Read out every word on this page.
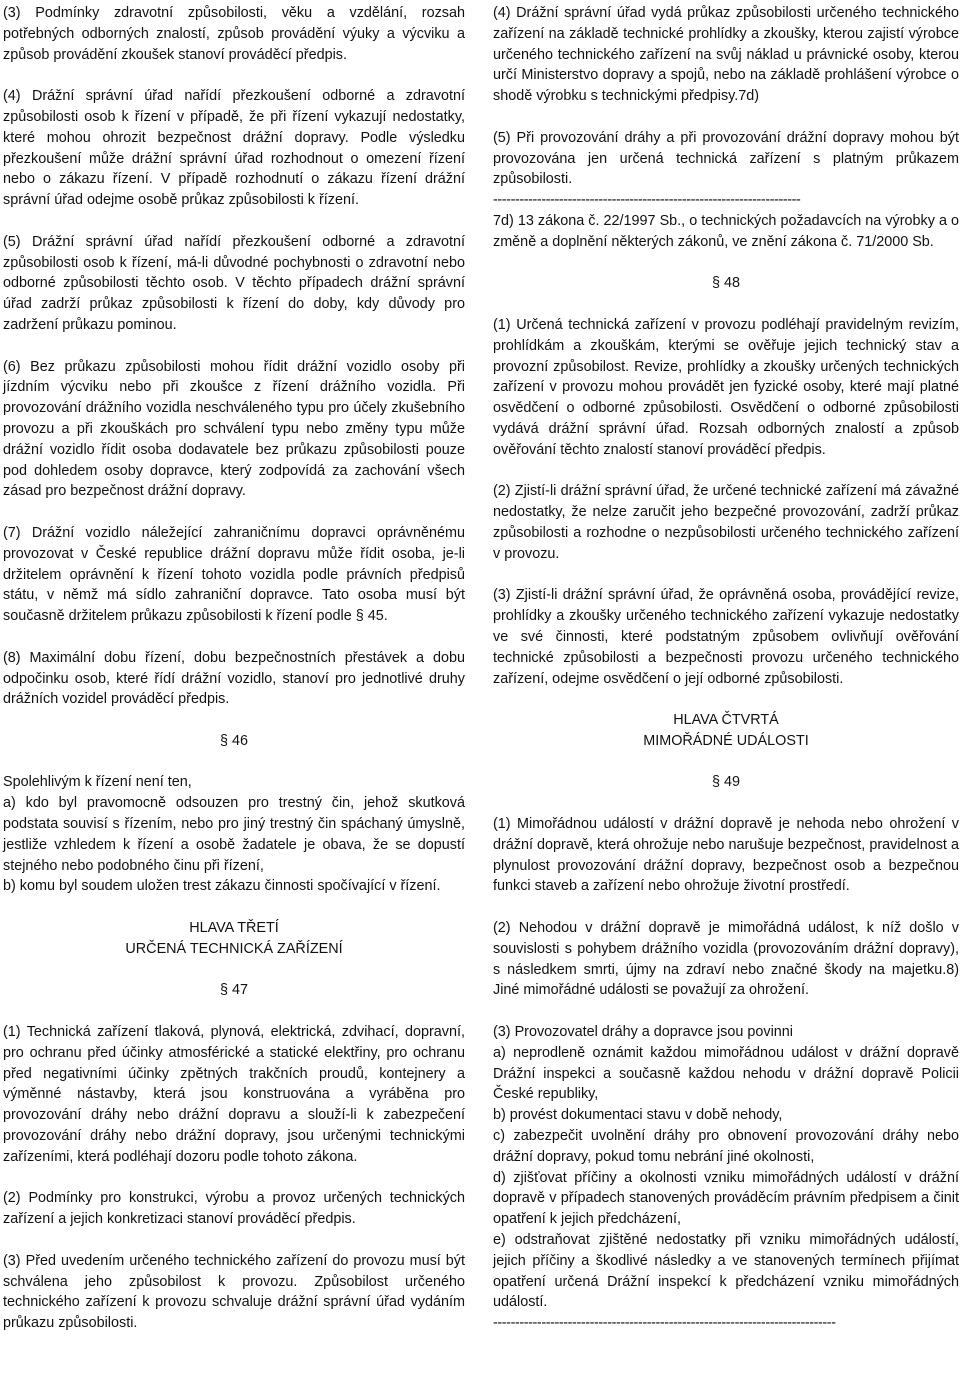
(3) Podmínky zdravotní způsobilosti, věku a vzdělání, rozsah potřebných odborných znalostí, způsob provádění výuky a výcviku a způsob provádění zkoušek stanoví prováděcí předpis.

(4) Drážní správní úřad nařídí přezkoušení odborné a zdravotní způsobilosti osob k řízení v případě, že při řízení vykazují nedostatky, které mohou ohrozit bezpečnost drážní dopravy. Podle výsledku přezkoušení může drážní správní úřad rozhodnout o omezení řízení nebo o zákazu řízení. V případě rozhodnutí o zákazu řízení drážní správní úřad odejme osobě průkaz způsobilosti k řízení.

(5) Drážní správní úřad nařídí přezkoušení odborné a zdravotní způsobilosti osob k řízení, má-li důvodné pochybnosti o zdravotní nebo odborné způsobilosti těchto osob. V těchto případech drážní správní úřad zadrží průkaz způsobilosti k řízení do doby, kdy důvody pro zadržení průkazu pominou.

(6) Bez průkazu způsobilosti mohou řídit drážní vozidlo osoby při jízdním výcviku nebo při zkoušce z řízení drážního vozidla. Při provozování drážního vozidla neschváleného typu pro účely zkušebního provozu a při zkouškách pro schválení typu nebo změny typu může drážní vozidlo řídit osoba dodavatele bez průkazu způsobilosti pouze pod dohledem osoby dopravce, který zodpovídá za zachování všech zásad pro bezpečnost drážní dopravy.

(7) Drážní vozidlo náležející zahraničnímu dopravci oprávněnému provozovat v České republice drážní dopravu může řídit osoba, je-li držitelem oprávnění k řízení tohoto vozidla podle právních předpisů státu, v němž má sídlo zahraniční dopravce. Tato osoba musí být současně držitelem průkazu způsobilosti k řízení podle § 45.

(8) Maximální dobu řízení, dobu bezpečnostních přestávek a dobu odpočinku osob, které řídí drážní vozidlo, stanoví pro jednotlivé druhy drážních vozidel prováděcí předpis.

§ 46

Spolehlivým k řízení není ten,

a) kdo byl pravomocně odsouzen pro trestný čin, jehož skutková podstata souvisí s řízením, nebo pro jiný trestný čin spáchaný úmyslně, jestliže vzhledem k řízení a osobě žadatele je obava, že se dopustí stejného nebo podobného činu při řízení,

b) komu byl soudem uložen trest zákazu činnosti spočívající v řízení.

HLAVA TŘETÍ
URČENÁ TECHNICKÁ ZAŘÍZENÍ
§ 47

(1) Technická zařízení tlaková, plynová, elektrická, zdvihací, dopravní, pro ochranu před účinky atmosférické a statické elektřiny, pro ochranu před negativními účinky zpětných trakčních proudů, kontejnery a výměnné nástavby, která jsou konstruována a vyráběna pro provozování dráhy nebo drážní dopravu a slouží-li k zabezpečení provozování dráhy nebo drážní dopravy, jsou určenými technickými zařízeními, která podléhají dozoru podle tohoto zákona.

(2) Podmínky pro konstrukci, výrobu a provoz určených technických zařízení a jejich konkretizaci stanoví prováděcí předpis.

(3) Před uvedením určeného technického zařízení do provozu musí být schválena jeho způsobilost k provozu. Způsobilost určeného technického zařízení k provozu schvaluje drážní správní úřad vydáním průkazu způsobilosti.

(4) Drážní správní úřad vydá průkaz způsobilosti určeného technického zařízení na základě technické prohlídky a zkoušky, kterou zajistí výrobce určeného technického zařízení na svůj náklad u právnické osoby, kterou určí Ministerstvo dopravy a spojů, nebo na základě prohlášení výrobce o shodě výrobku s technickými předpisy.7d)

(5) Při provozování dráhy a při provozování drážní dopravy mohou být provozována jen určená technická zařízení s platným průkazem způsobilosti.

----------------------------------------------------------------------

7d) 13 zákona č. 22/1997 Sb., o technických požadavcích na výrobky a o změně a doplnění některých zákonů, ve znění zákona č. 71/2000 Sb.

§ 48

(1) Určená technická zařízení v provozu podléhají pravidelným revizím, prohlídkám a zkouškám, kterými se ověřuje jejich technický stav a provozní způsobilost. Revize, prohlídky a zkoušky určených technických zařízení v provozu mohou provádět jen fyzické osoby, které mají platné osvědčení o odborné způsobilosti. Osvědčení o odborné způsobilosti vydává drážní správní úřad. Rozsah odborných znalostí a způsob ověřování těchto znalostí stanoví prováděcí předpis.

(2) Zjistí-li drážní správní úřad, že určené technické zařízení má závažné nedostatky, že nelze zaručit jeho bezpečné provozování, zadrží průkaz způsobilosti a rozhodne o nezpůsobilosti určeného technického zařízení v provozu.

(3) Zjistí-li drážní správní úřad, že oprávněná osoba, provádějící revize, prohlídky a zkoušky určeného technického zařízení vykazuje nedostatky ve své činnosti, které podstatným způsobem ovlivňují ověřování technické způsobilosti a bezpečnosti provozu určeného technického zařízení, odejme osvědčení o její odborné způsobilosti.

HLAVA ČTVRTÁ
MIMOŘÁDNÉ UDÁLOSTI
§ 49

(1) Mimořádnou událostí v drážní dopravě je nehoda nebo ohrožení v drážní dopravě, která ohrožuje nebo narušuje bezpečnost, pravidelnost a plynulost provozování drážní dopravy, bezpečnost osob a bezpečnou funkci staveb a zařízení nebo ohrožuje životní prostředí.

(2) Nehodou v drážní dopravě je mimořádná událost, k níž došlo v souvislosti s pohybem drážního vozidla (provozováním drážní dopravy), s následkem smrti, újmy na zdraví nebo značné škody na majetku.8) Jiné mimořádné události se považují za ohrožení.

(3) Provozovatel dráhy a dopravce jsou povinni

a) neprodleně oznámit každou mimořádnou událost v drážní dopravě Drážní inspekci a současně každou nehodu v drážní dopravě Policii České republiky,

b) provést dokumentaci stavu v době nehody,

c) zabezpečit uvolnění dráhy pro obnovení provozování dráhy nebo drážní dopravy, pokud tomu nebrání jiné okolnosti,

d) zjišťovat příčiny a okolnosti vzniku mimořádných událostí v drážní dopravě v případech stanovených prováděcím právním předpisem a činit opatření k jejich předcházení,

e) odstraňovat zjištěné nedostatky při vzniku mimořádných událostí, jejich příčiny a škodlivé následky a ve stanovených termínech přijímat opatření určená Drážní inspekcí k předcházení vzniku mimořádných událostí.

------------------------------------------------------------------------------
